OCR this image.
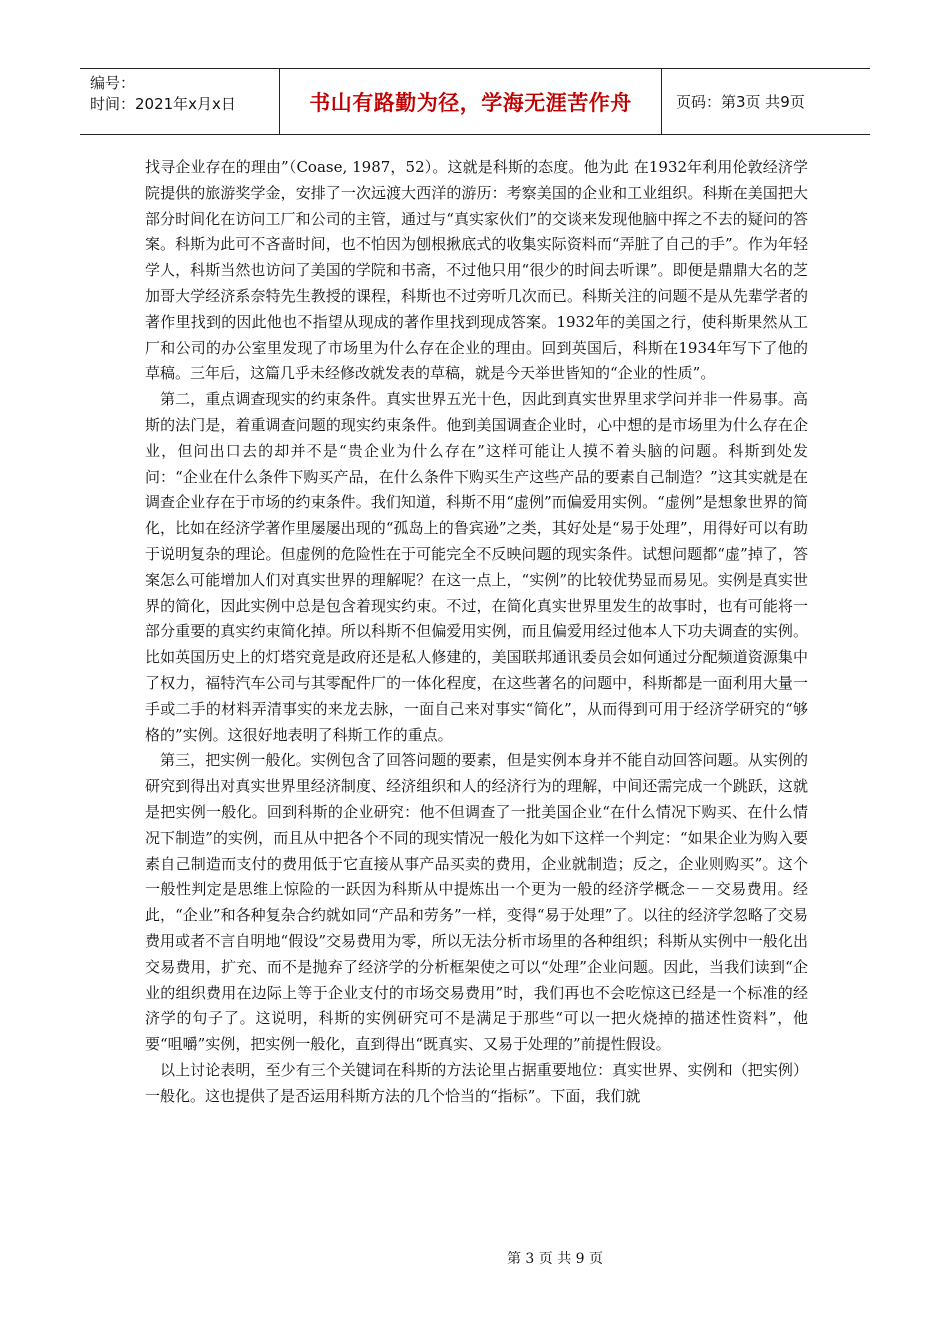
编号：
时间：2021年x月x日	书山有路勤为径，学海无涯苦作舟	页码：第3页 共9页

找寻企业存在的理由”（Coase, 1987，52）。这就是科斯的态度。他为此 在1932年利用伦敦经济学院提供的旅游奖学金，安排了一次远渡大西洋的游历：考察美国的企业和工业组织。科斯在美国把大部分时间化在访问工厂和公司的主管，通过与“真实家伙们”的交谈来发现他脑中挥之不去的疑问的答案。科斯为此可不吝啬时间，也不怕因为刨根揪底式的收集实际资料而“弄脏了自己的手”。作为年轻学人，科斯当然也访问了美国的学院和书斋，不过他只用“很少的时间去听课”。即便是鼎鼎大名的芝加哥大学经济系奈特先生教授的课程，科斯也不过旁听几次而已。科斯关注的问题不是从先辈学者的著作里找到的因此他也不指望从现成的著作里找到现成答案。1932年的美国之行，使科斯果然从工厂和公司的办公室里发现了市场里为什么存在企业的理由。回到英国后，科斯在1934年写下了他的草稿。三年后，这篇几乎未经修改就发表的草稿，就是今天举世皆知的“企业的性质”。

第二，重点调查现实的约束条件。真实世界五光十色，因此到真实世界里求学问并非一件易事。高斯的法门是，着重调查问题的现实约束条件。他到美国调查企业时，心中想的是市场里为什么存在企业，但问出口去的却并不是“贵企业为什么存在”这样可能让人摸不着头脑的问题。科斯到处发问：“企业在什么条件下购买产品，在什么条件下购买生产这些产品的要素自己制造？”这其实就是在调查企业存在于市场的约束条件。我们知道，科斯不用“虚例”而偏爱用实例。“虚例”是想象世界的简化，比如在经济学著作里屡屡出现的“孤岛上的鲁宾逊”之类，其好处是“易于处理”，用得好可以有助于说明复杂的理论。但虚例的危险性在于可能完全不反映问题的现实条件。试想问题都“虚”掉了，答案怎么可能增加人们对真实世界的理解呢？在这一点上，“实例”的比较优势显而易见。实例是真实世界的简化，因此实例中总是包含着现实约束。不过，在简化真实世界里发生的故事时，也有可能将一部分重要的真实约束简化掉。所以科斯不但偏爱用实例，而且偏爱用经过他本人下功夫调查的实例。比如英国历史上的灯塔究竟是政府还是私人修建的，美国联邦通讯委员会如何通过分配频道资源集中了权力，福特汽车公司与其零配件厂的一体化程度，在这些著名的问题中，科斯都是一面利用大量一手或二手的材料弄清事实的来龙去脉，一面自己来对事实“简化”，从而得到可用于经济学研究的“够格的”实例。这很好地表明了科斯工作的重点。

第三，把实例一般化。实例包含了回答问题的要素，但是实例本身并不能自动回答问题。从实例的研究到得出对真实世界里经济制度、经济组织和人的经济行为的理解，中间还需完成一个跳跃，这就是把实例一般化。回到科斯的企业研究：他不但调查了一批美国企业“在什么情况下购买、在什么情况下制造”的实例，而且从中把各个不同的现实情况一般化为如下这样一个判定：“如果企业为购入要素自己制造而支付的费用低于它直接从事产品买卖的费用，企业就制造；反之，企业则购买”。这个一般性判定是思维上惊险的一跃因为科斯从中提炼出一个更为一般的经济学概念－－交易费用。经此，“企业”和各种复杂合约就如同“产品和劳务”一样，变得“易于处理”了。以往的经济学忽略了交易费用或者不言自明地“假设”交易费用为零，所以无法分析市场里的各种组织；科斯从实例中一般化出交易费用，扩充、而不是抛弃了经济学的分析框架使之可以“处理”企业问题。因此，当我们读到“企业的组织费用在边际上等于企业支付的市场交易费用”时，我们再也不会吃惊这已经是一个标准的经济学的句子了。这说明，科斯的实例研究可不是满足于那些“可以一把火烧掉的描述性资料”，他要“咀嚼”实例，把实例一般化，直到得出“既真实、又易于处理的”前提性假设。

以上讨论表明，至少有三个关键词在科斯的方法论里占据重要地位：真实世界、实例和（把实例）一般化。这也提供了是否运用科斯方法的几个恰当的“指标”。下面，我们就

第 3 页 共 9 页
